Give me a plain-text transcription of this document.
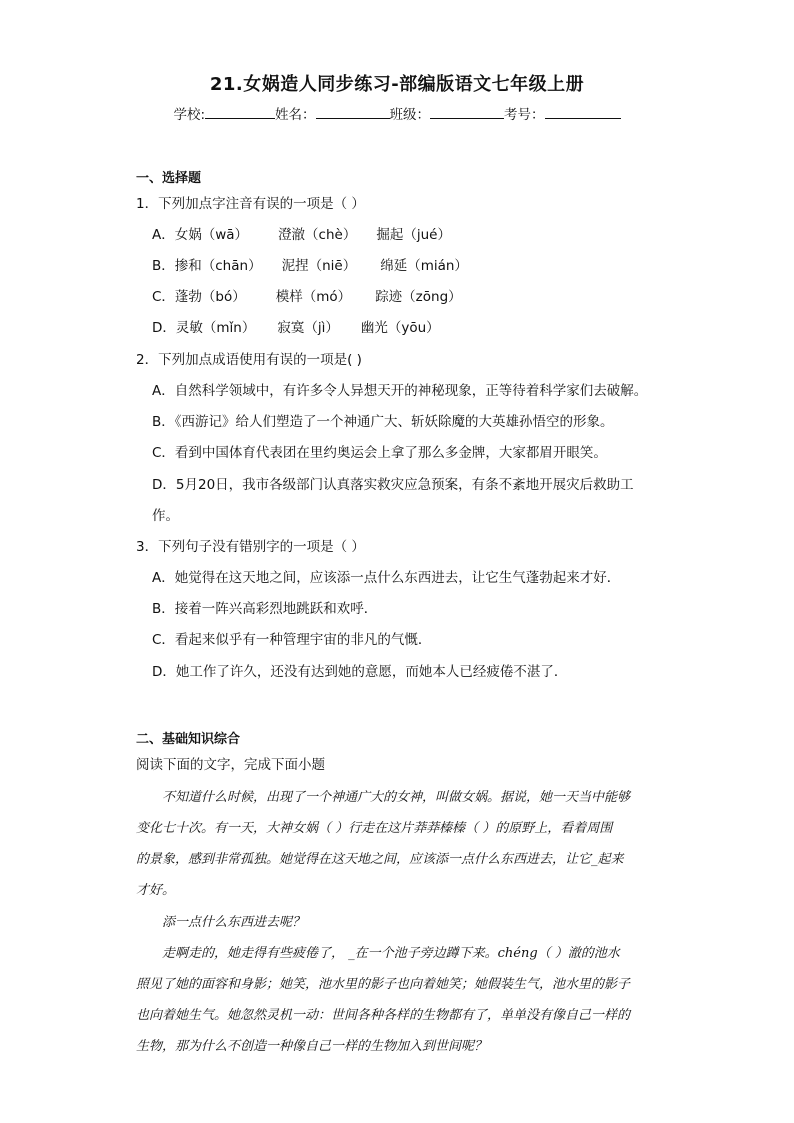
21.女娲造人同步练习-部编版语文七年级上册
学校:	姓名：	班级：	考号：
一、选择题
1．下列加点字注音有误的一项是（ ）
A．女娲（wā） 澄澈（chè） 掘起（jué）
B．掺和（chān） 泥捏（niē） 绵延（mián）
C．蓬勃（bó） 模样（mó） 踪迹（zōng）
D．灵敏（mǐn） 寂寞（jì） 幽光（yōu）
2．下列加点成语使用有误的一项是( )
A．自然科学领域中，有许多令人异想天开的神秘现象，正等待着科学家们去破解。
B．《西游记》给人们塑造了一个神通广大、斩妖除魔的大英雄孙悟空的形象。
C．看到中国体育代表团在里约奥运会上拿了那么多金牌，大家都眉开眼笑。
D．5月20日，我市各级部门认真落实救灾应急预案，有条不紊地开展灾后救助工
作。
3．下列句子没有错别字的一项是（ ）
A．她觉得在这天地之间，应该添一点什么东西进去，让它生气蓬勃起来才好．
B．接着一阵兴高彩烈地跳跃和欢呼．
C．看起来似乎有一种管理宇宙的非凡的气慨．
D．她工作了许久，还没有达到她的意愿，而她本人已经疲倦不湛了．
二、基础知识综合
阅读下面的文字，完成下面小题
不知道什么时候，出现了一个神通广大的女神，叫做女娲。据说，她一天当中能够
变化七十次。有一天，大神女娲（ ）行走在这片莽莽榛榛（ ）的原野上，看着周围
的景象，感到非常孤独。她觉得在这天地之间，应该添一点什么东西进去，让它_起来
才好。
添一点什么东西进去呢？
走啊走的，她走得有些疲倦了， _在一个池子旁边蹲下来。chéng（ ）澈的池水
照见了她的面容和身影；她笑，池水里的影子也向着她笑；她假装生气，池水里的影子
也向着她生气。她忽然灵机一动：世间各种各样的生物都有了，单单没有像自己一样的
生物，那为什么不创造一种像自己一样的生物加入到世间呢？
